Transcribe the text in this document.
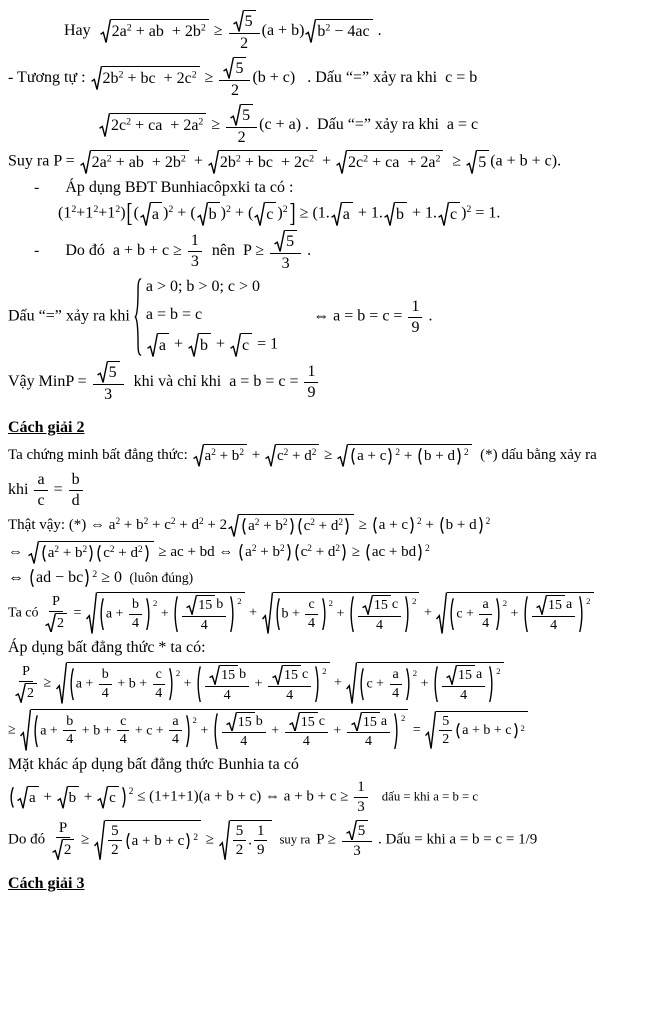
Hay $2a^2$ + ab  + $2b^2 \ge \frac{5}{2} (a + b) b^2 - 4ac$ .
- Tương tự : $2b^2$ + bc  + $2c^2 \ge \frac{5}{2} (b + c)$   . Dấu “=” xảy ra khi  c = b
$2c^2$ + ca  + $2a^2 \ge \frac{5}{2} (c + a)$ .  Dấu “=” xảy ra khi  a = c
Suy ra $P = 2a^2$ + ab  + $2b^2 + 2b^2$ + bc  + $2c^2 + 2c^2$ + ca  + $2a^2 \ge 5$ (a + b + c).
- Áp dụng BĐT Bunhiacôpxki ta có :
$(1^2+1^2+1^2)$ ( a )$^2$ + ( b )$^2$ + ( c )$^2$ ≥ (1. a + 1. b + 1. c )$^2$ = 1.
- Do đó  $a + b + c \ge \frac{1}{3}$ nên  $P \ge \frac{5}{3}$ .
Dấu “=” xảy ra khi
a > 0; b > 0; c > 0
a = b = c
a + b + c = 1
⇔ $a = b = c = \frac{1}{9}$ .
Vậy MinP = $\frac{5}{3}$ khi và chỉ khi  $a = b = c = \frac{1}{9}$
Cách giải 2
Ta chứng minh bất đẳng thức: $a^2 + b^2 + c^2 + d^2 \ge a + c$ 2 + b + d 2 (*) dấu bằng xảy ra
khi $\frac{a}{c} = \frac{b}{d}$
Thật vậy: (*) ⇔ $a^2 + b^2 + c^2 + d^2 + 2$ $a^2 + b^2$ $c^2 + d^2 \ge a + c$ 2 + b + d 2
⇔ $a^2 + b^2$ $c^2 + d^2$ ≥ ac + bd ⇔ $a^2 + b^2$ $c^2 + d^2$ ≥ ac + bd 2
⇔ ad − bc 2 ≥ 0  (luôn đúng)
Ta có $\frac{P}{2} = a + \frac{b}{4} ^2$
+ $\frac{15 b}{4} ^2$
+ $b + \frac{c}{4} ^2$
+ $\frac{15 c}{4} ^2$
+ $c + \frac{a}{4} ^2$
+ $\frac{15 a}{4} ^2$
Áp dụng bất đẳng thức * ta có:
$\frac{P}{2} \ge a + \frac{b}{4} + b + \frac{c}{4} ^2$
+ $\frac{15 b}{4} + \frac{15 c}{4} ^2$
+ $c + \frac{a}{4} ^2$
+ $\frac{15 a}{4} ^2$
≥ $a + \frac{b}{4} + b + \frac{c}{4} + c + \frac{a}{4} ^2$
+ $\frac{15 b}{4} + \frac{15 c}{4} + \frac{15 a}{4} ^2$
= $\frac{5}{2}$ a + b + c 2
Mặt khác áp dụng bất đẳng thức Bunhia ta có
a + b + c	$^2$ ≤ (1+1+1)(a + b + c) ⇔ $a + b + c \ge \frac{1}{3}$ dấu = khi a = b = c
Do đó $\frac{P}{2} \ge \frac{5}{2}$ a + b + c $2 \ge \frac{5}{2}$ . $\frac{1}{9}$ suy ra $P \ge \frac{5}{3}$ . Dấu = khi a = b = c = 1/9
Cách giải 3
